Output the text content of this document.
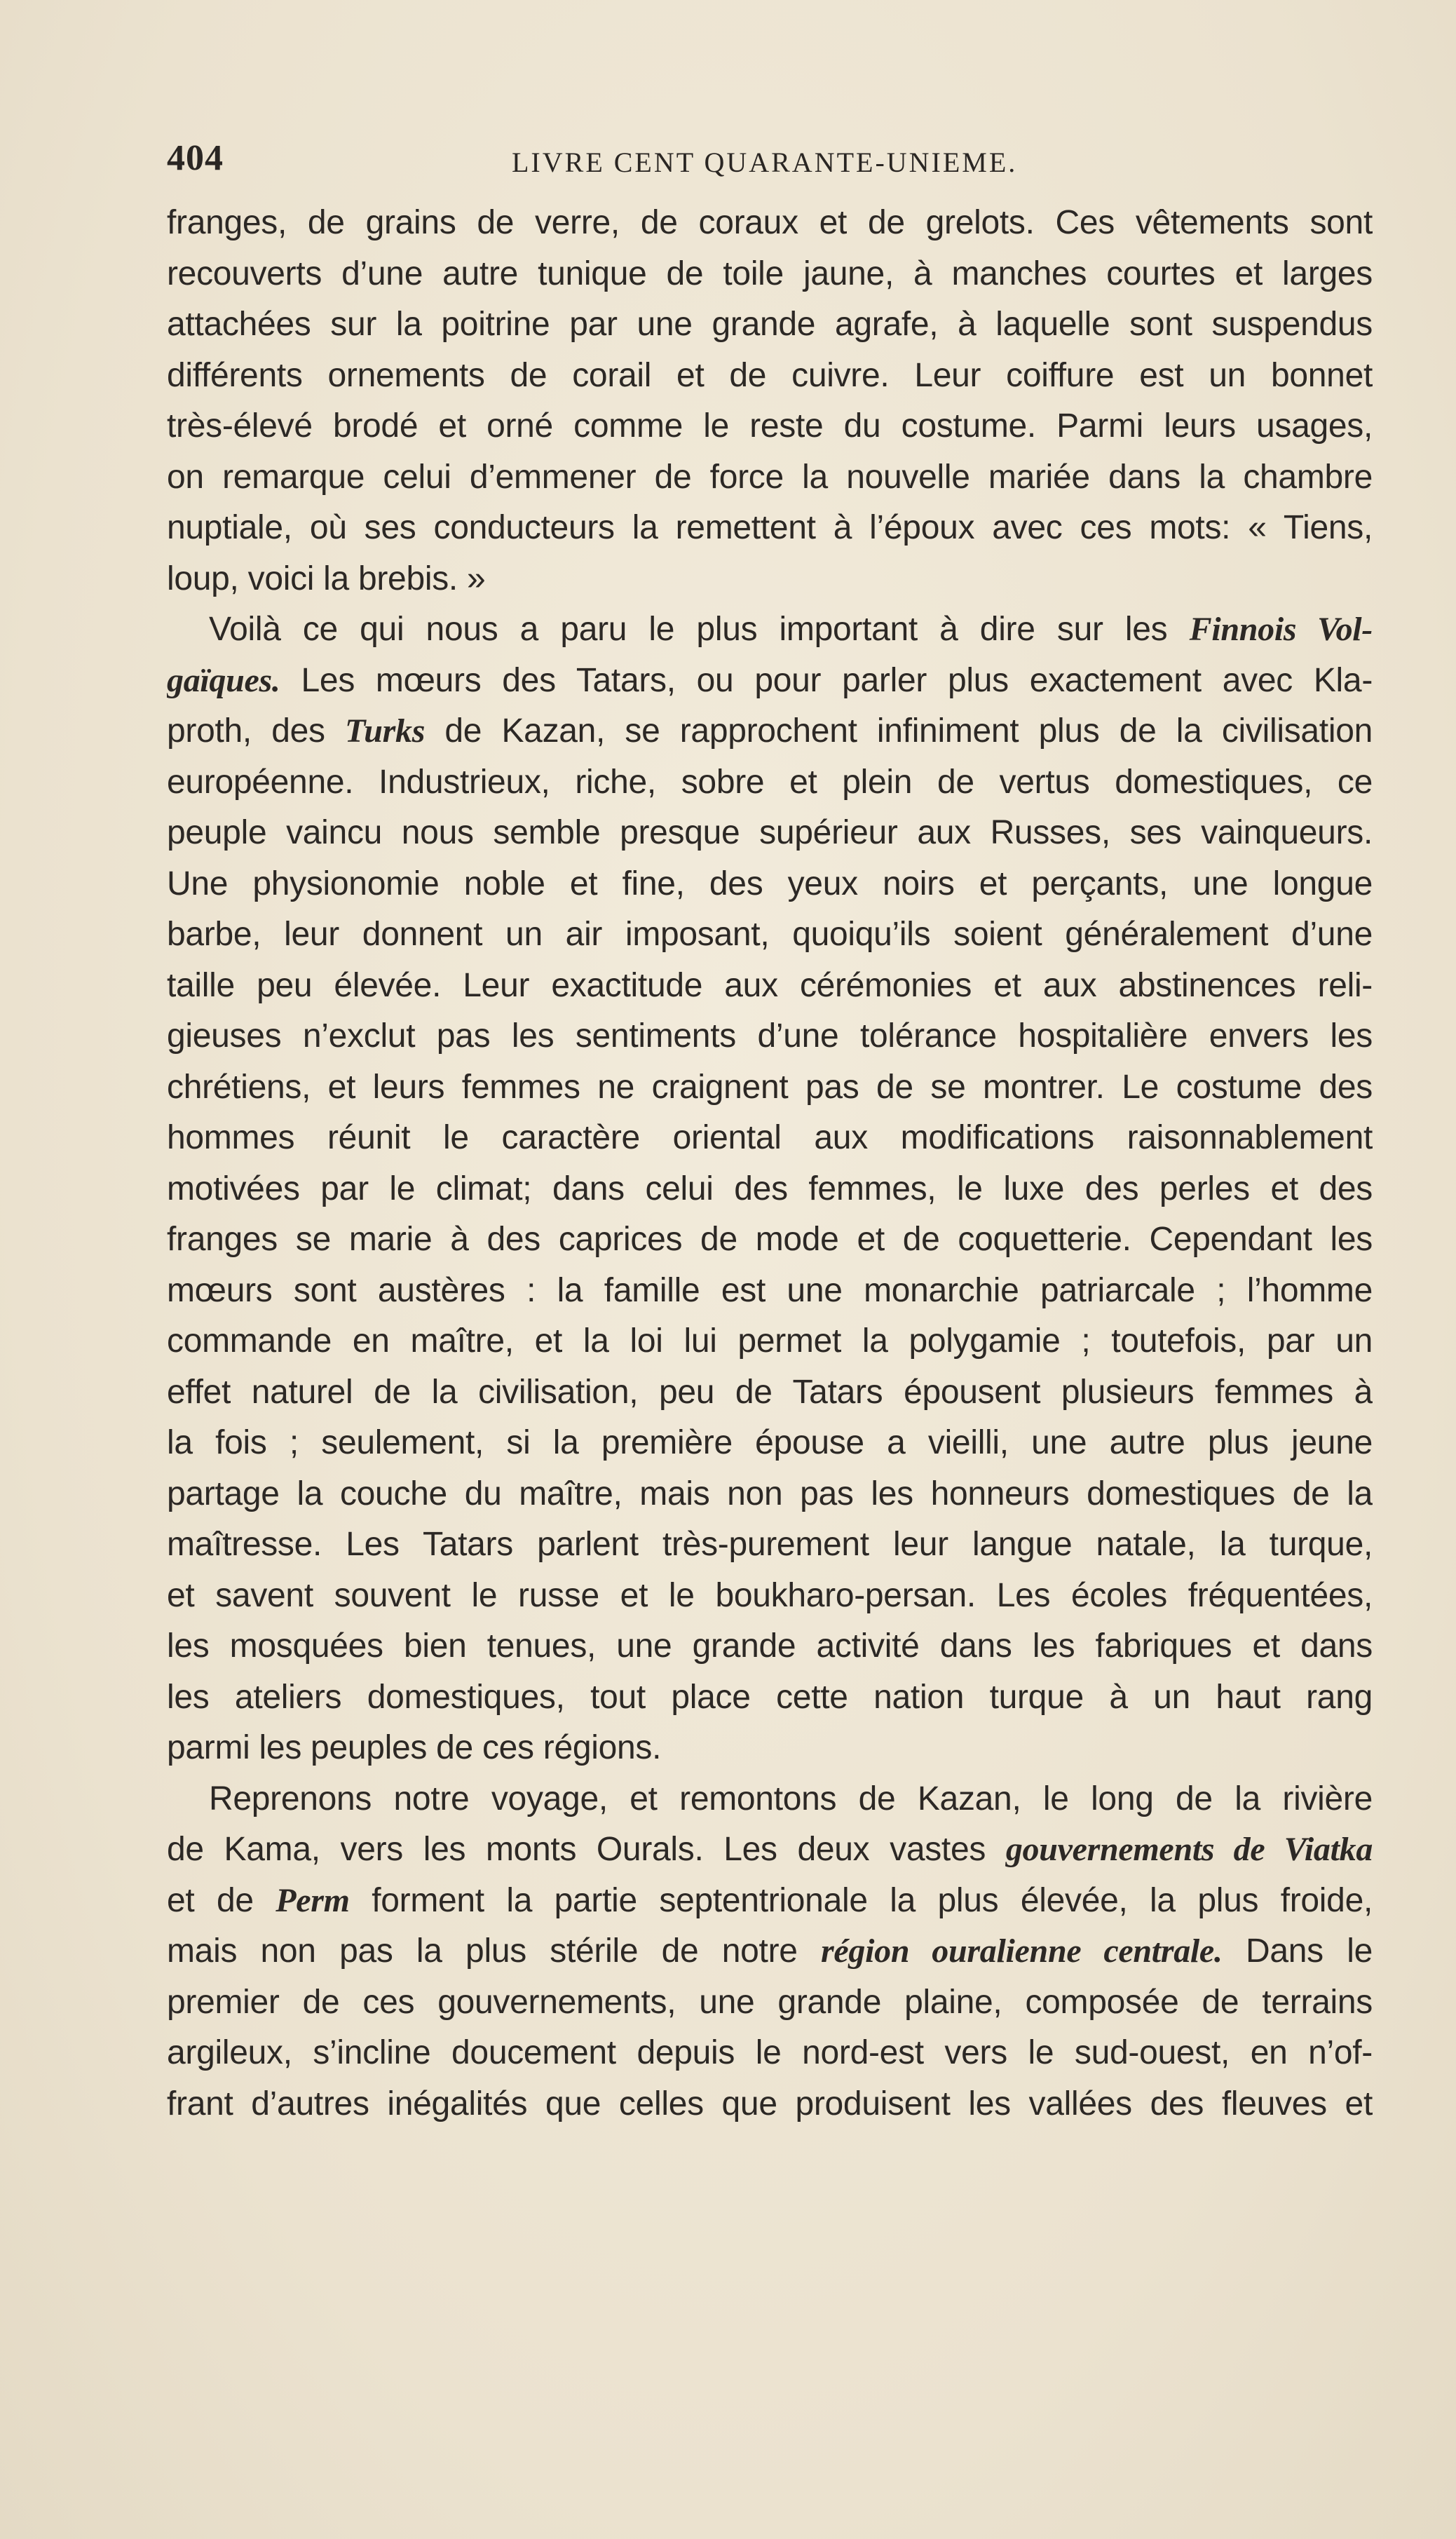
404	LIVRE CENT QUARANTE-UNIEME.
franges, de grains de verre, de coraux et de grelots. Ces vêtements sont
recouverts d’une autre tunique de toile jaune, à manches courtes et larges
attachées sur la poitrine par une grande agrafe, à laquelle sont suspendus
différents ornements de corail et de cuivre. Leur coiffure est un bonnet
très-élevé brodé et orné comme le reste du costume. Parmi leurs usages,
on remarque celui d’emmener de force la nouvelle mariée dans la chambre
nuptiale, où ses conducteurs la remettent à l’époux avec ces mots: « Tiens,
loup, voici la brebis. »
Voilà ce qui nous a paru le plus important à dire sur les Finnois Vol-
gaïques. Les mœurs des Tatars, ou pour parler plus exactement avec Kla-
proth, des Turks de Kazan, se rapprochent infiniment plus de la civilisation
européenne. Industrieux, riche, sobre et plein de vertus domestiques, ce
peuple vaincu nous semble presque supérieur aux Russes, ses vainqueurs.
Une physionomie noble et fine, des yeux noirs et perçants, une longue
barbe, leur donnent un air imposant, quoiqu’ils soient généralement d’une
taille peu élevée. Leur exactitude aux cérémonies et aux abstinences reli-
gieuses n’exclut pas les sentiments d’une tolérance hospitalière envers les
chrétiens, et leurs femmes ne craignent pas de se montrer. Le costume des
hommes réunit le caractère oriental aux modifications raisonnablement
motivées par le climat; dans celui des femmes, le luxe des perles et des
franges se marie à des caprices de mode et de coquetterie. Cependant les
mœurs sont austères : la famille est une monarchie patriarcale ; l’homme
commande en maître, et la loi lui permet la polygamie ; toutefois, par un
effet naturel de la civilisation, peu de Tatars épousent plusieurs femmes à
la fois ; seulement, si la première épouse a vieilli, une autre plus jeune
partage la couche du maître, mais non pas les honneurs domestiques de la
maîtresse. Les Tatars parlent très-purement leur langue natale, la turque,
et savent souvent le russe et le boukharo-persan. Les écoles fréquentées,
les mosquées bien tenues, une grande activité dans les fabriques et dans
les ateliers domestiques, tout place cette nation turque à un haut rang
parmi les peuples de ces régions.
Reprenons notre voyage, et remontons de Kazan, le long de la rivière
de Kama, vers les monts Ourals. Les deux vastes gouvernements de Viatka
et de Perm forment la partie septentrionale la plus élevée, la plus froide,
mais non pas la plus stérile de notre région ouralienne centrale. Dans le
premier de ces gouvernements, une grande plaine, composée de terrains
argileux, s’incline doucement depuis le nord-est vers le sud-ouest, en n’of-
frant d’autres inégalités que celles que produisent les vallées des fleuves et
